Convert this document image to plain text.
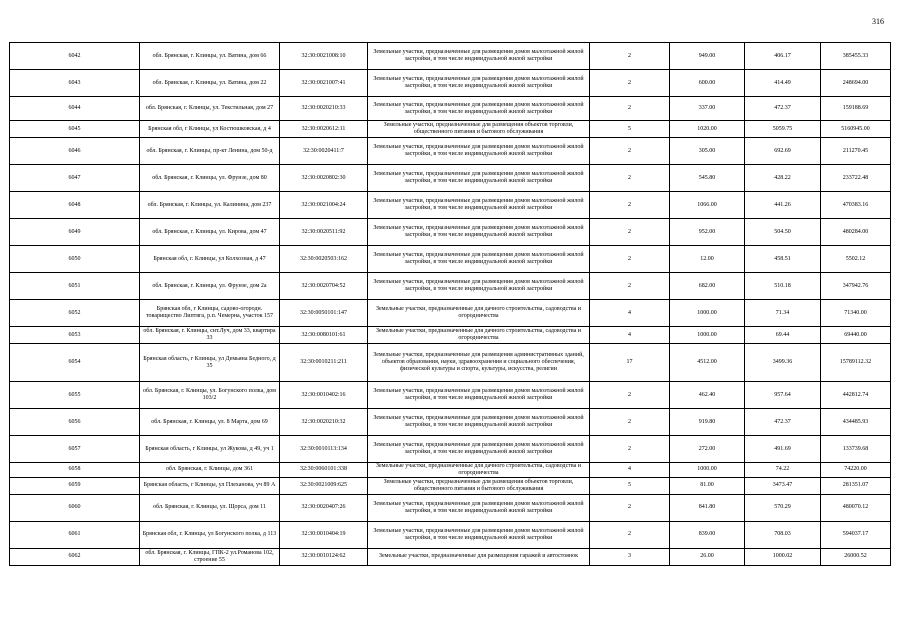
316
6042	обл. Брянская, г. Клинцы, ул. Ватина, дом 66	32:30:0021008:10	Земельные участки, предназначенные для размещения домов малоэтажной жилой застройки, в том числе индивидуальной жилой застройки	2	949.00	406.17	385455.33
6043	обл. Брянская, г. Клинцы, ул. Ватина, дом 22	32:30:0021007:41	Земельные участки, предназначенные для размещения домов малоэтажной жилой застройки, в том числе индивидуальной жилой застройки	2	600.00	414.49	248694.00
6044	обл. Брянская, г. Клинцы, ул. Текстильная, дом 27	32:30:0020210:33	Земельные участки, предназначенные для размещения домов малоэтажной жилой застройки, в том числе индивидуальной жилой застройки	2	337.00	472.37	159188.69
6045	Брянская обл, г Клинцы, ул Костюшковская, д 4	32:30:0020612:11	Земельные участки, предназначенные для размещения объектов торговли, общественного питания и бытового обслуживания	5	1020.00	5059.75	5160945.00
6046	обл. Брянская, г. Клинцы, пр-кт Ленина, дом 50-д	32:30:0020411:7	Земельные участки, предназначенные для размещения домов малоэтажной жилой застройки, в том числе индивидуальной жилой застройки	2	305.00	692.69	211270.45
6047	обл. Брянская, г. Клинцы, ул. Фрунзе, дом 80	32:30:0020802:30	Земельные участки, предназначенные для размещения домов малоэтажной жилой застройки, в том числе индивидуальной жилой застройки	2	545.80	428.22	233722.48
6048	обл. Брянская, г. Клинцы, ул. Калинина, дом 237	32:30:0021004:24	Земельные участки, предназначенные для размещения домов малоэтажной жилой застройки, в том числе индивидуальной жилой застройки	2	1066.00	441.26	470383.16
6049	обл. Брянская, г. Клинцы, ул. Кирова, дом 47	32:30:0020511:92	Земельные участки, предназначенные для размещения домов малоэтажной жилой застройки, в том числе индивидуальной жилой застройки	2	952.00	504.50	480284.00
6050	Брянская обл, г. Клинцы, ул Колхозная, д 47	32:30:0020503:162	Земельные участки, предназначенные для размещения домов малоэтажной жилой застройки, в том числе индивидуальной жилой застройки	2	12.00	458.51	5502.12
6051	обл. Брянская, г. Клинцы, ул. Фрунзе, дом 2а	32:30:0020704:52	Земельные участки, предназначенные для размещения домов малоэтажной жилой застройки, в том числе индивидуальной жилой застройки	2	682.00	510.18	347942.76
6052	Брянская обл, г Клинцы, садово-огородн. товарищество Липтяга, р.п. Чемерна, участок 157	32:30:0050101:147	Земельные участки, предназначенные для дачного строительства, садоводства и огородничества	4	1000.00	71.34	71340.00
6053	обл. Брянская, г. Клинцы, снт.Луч, дом 33, квартира 33	32:30:0080101:61	Земельные участки, предназначенные для дачного строительства, садоводства и огородничества	4	1000.00	69.44	69440.00
6054	Брянская область, г Клинцы, ул Демьяна Бедного, д 35	32:30:0010211:211	Земельные участки, предназначенные для размещения административных зданий, объектов образования, науки, здравоохранения и социального обеспечения, физической культуры и спорта, культуры, искусства, религии	17	4512.00	3499.36	15789112.32
6055	обл. Брянская, г. Клинцы, ул. Богунского полка, дом 103/2	32:30:0010402:16	Земельные участки, предназначенные для размещения домов малоэтажной жилой застройки, в том числе индивидуальной жилой застройки	2	462.40	957.64	442812.74
6056	обл. Брянская, г. Клинцы, ул. 8 Марта, дом 69	32:30:0020210:32	Земельные участки, предназначенные для размещения домов малоэтажной жилой застройки, в том числе индивидуальной жилой застройки	2	919.80	472.37	434485.93
6057	Брянская область, г Клинцы, ул Жукова, д 49, уч 1	32:30:0010113:134	Земельные участки, предназначенные для размещения домов малоэтажной жилой застройки, в том числе индивидуальной жилой застройки	2	272.00	491.69	133739.68
6058	обл. Брянская, г. Клинцы, дом 361	32:30:0060101:338	Земельные участки, предназначенные для дачного строительства, садоводства и огородничества	4	1000.00	74.22	74220.00
6059	Брянская область, г Клинцы, ул Плеханова, уч 89 А	32:30:0021009:625	Земельные участки, предназначенные для размещения объектов торговли, общественного питания и бытового обслуживания	5	81.00	3473.47	281351.07
6060	обл. Брянская, г. Клинцы, ул. Щорса, дом 11	32:30:0020407:26	Земельные участки, предназначенные для размещения домов малоэтажной жилой застройки, в том числе индивидуальной жилой застройки	2	841.80	570.29	480070.12
6061	Брянская обл, г. Клинцы, ул Богунского полка, д 113	32:30:0010404:19	Земельные участки, предназначенные для размещения домов малоэтажной жилой застройки, в том числе индивидуальной жилой застройки	2	839.00	708.03	594037.17
6062	обл. Брянская, г. Клинцы, ГПК-2 ул.Романова 102, строение 55	32:30:0010124:62	Земельные участки, предназначенные для размещения гаражей и автостоянок	3	26.00	1000.02	26000.52
